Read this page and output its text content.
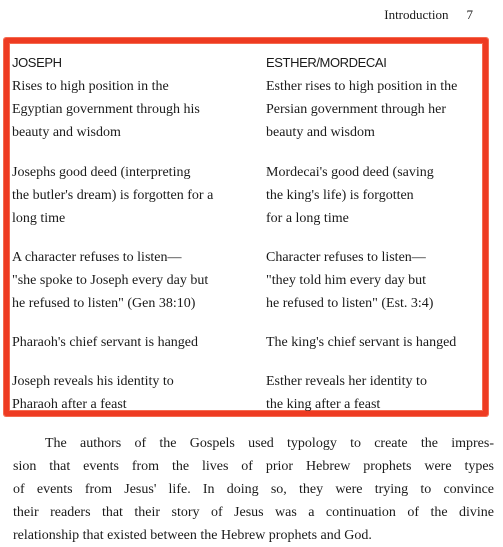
Introduction 7
JOSEPH	ESTHER/MORDECAI
Rises to high position in the
Egyptian government through his
beauty and wisdom
Esther rises to high position in the
Persian government through her
beauty and wisdom
Josephs good deed (interpreting
the butler's dream) is forgotten for a
long time
Mordecai's good deed (saving
the king's life) is forgotten
for a long time
A character refuses to listen—
"she spoke to Joseph every day but
he refused to listen" (Gen 38:10)
Character refuses to listen—
"they told him every day but
he refused to listen" (Est. 3:4)
Pharaoh's chief servant is hanged	The king's chief servant is hanged
Joseph reveals his identity to
Pharaoh after a feast
Esther reveals her identity to
the king after a feast
The authors of the Gospels used typology to create the impres-
sion that events from the lives of prior Hebrew prophets were types
of events from Jesus' life. In doing so, they were trying to convince
their readers that their story of Jesus was a continuation of the divine
relationship that existed between the Hebrew prophets and God.
